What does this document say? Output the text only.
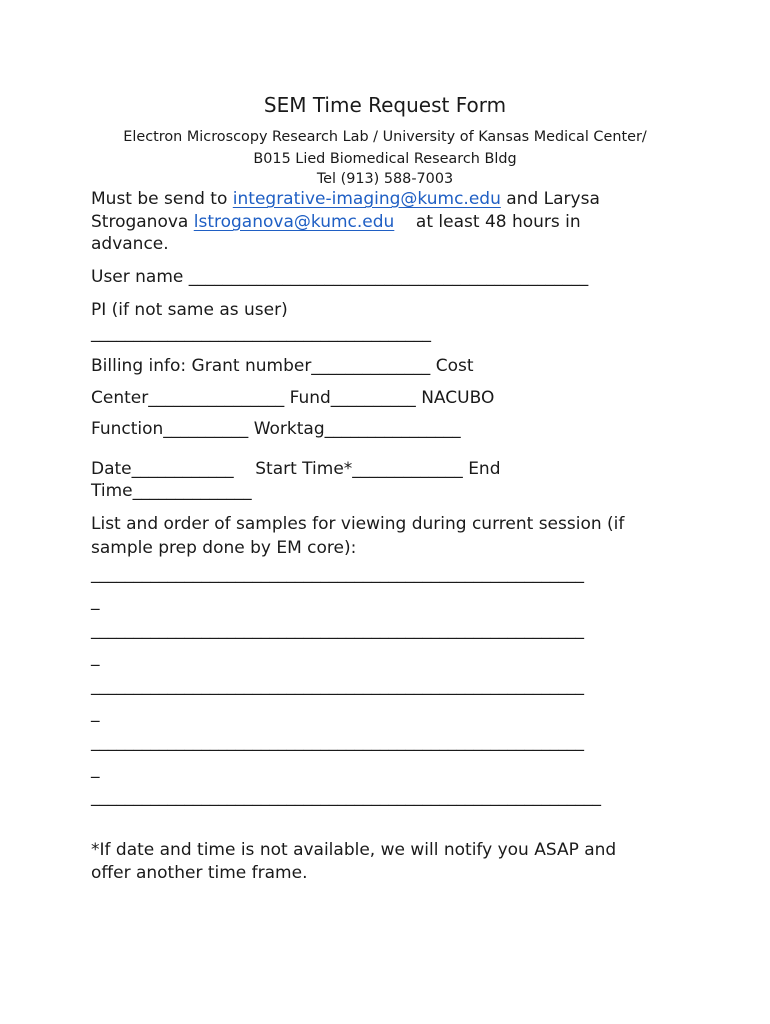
SEM Time Request Form
Electron Microscopy Research Lab / University of Kansas Medical Center/
B015 Lied Biomedical Research Bldg
Tel (913) 588-7003
Must be send to integrative-imaging@kumc.edu and Larysa
Stroganova lstroganova@kumc.edu    at least 48 hours in
advance.
User name _______________________________________________
PI (if not same as user)
________________________________________
Billing info: Grant number______________ Cost
Center________________ Fund__________ NACUBO
Function__________ Worktag________________
Date____________    Start Time*_____________ End
Time______________
List and order of samples for viewing during current session (if
sample prep done by EM core):
__________________________________________________________
_
__________________________________________________________
_
__________________________________________________________
_
__________________________________________________________
_
____________________________________________________________
*If date and time is not available, we will notify you ASAP and
offer another time frame.
